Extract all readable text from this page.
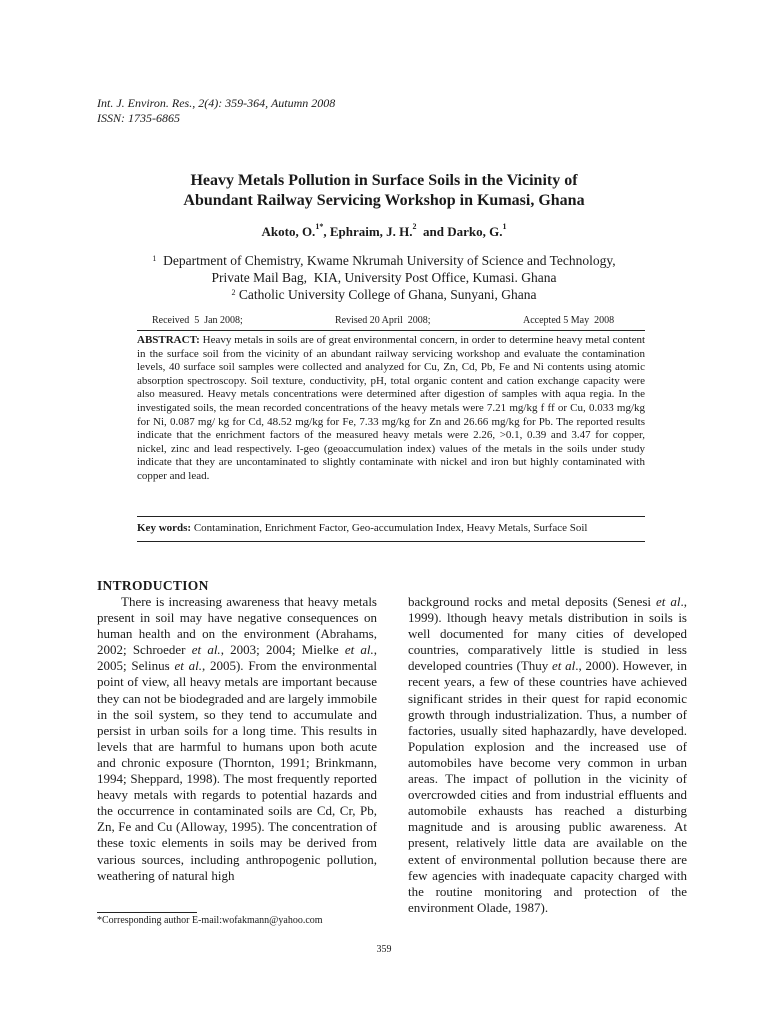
Int. J. Environ. Res., 2(4): 359-364, Autumn 2008
ISSN: 1735-6865
Heavy Metals Pollution in Surface Soils in the Vicinity of
Abundant Railway Servicing Workshop in Kumasi, Ghana
Akoto, O.$^{1*}$, Ephraim, J. H.$^2$  and Darko, G.$^1$
$^1$ Department of Chemistry, Kwame Nkrumah University of Science and Technology,
Private Mail Bag,  KIA, University Post Office, Kumasi. Ghana
$^2$ Catholic University College of Ghana, Sunyani, Ghana
Received  5  Jan 2008;	Revised 20 April  2008;	Accepted 5 May  2008
ABSTRACT: Heavy metals in soils are of great environmental concern, in order to determine heavy metal content in the surface soil from the vicinity of an abundant railway servicing workshop and evaluate the contamination levels, 40 surface soil samples were collected and analyzed for Cu, Zn, Cd, Pb, Fe and Ni contents using atomic absorption spectroscopy. Soil texture, conductivity, pH, total organic content and cation exchange capacity were also measured. Heavy metals concentrations were determined after digestion of samples with aqua regia. In the investigated soils, the mean recorded concentrations of the heavy metals were 7.21 mg/kg f ff or Cu, 0.033 mg/kg for Ni, 0.087 mg/ kg for Cd, 48.52 mg/kg for Fe, 7.33 mg/kg for Zn and 26.66 mg/kg for Pb. The reported results indicate that the enrichment factors of the measured heavy metals were 2.26, >0.1, 0.39 and 3.47 for copper, nickel, zinc and lead respectively. I-geo (geoaccumulation index) values of the metals in the soils under study indicate that they are uncontaminated to slightly contaminate with nickel and iron but highly contaminated with copper and lead.
Key words: Contamination, Enrichment Factor, Geo-accumulation Index, Heavy Metals, Surface Soil

INTRODUCTION

There is increasing awareness that heavy metals present in soil may have negative consequences on human health and on the environment (Abrahams, 2002; Schroeder et al., 2003; 2004; Mielke et al., 2005; Selinus et al., 2005). From the environmental point of view, all heavy metals are important because they can not be biodegraded and are largely immobile in the soil system, so they tend to accumulate and persist in urban soils for a long time. This results in levels that are harmful to humans upon both acute and chronic exposure (Thornton, 1991; Brinkmann, 1994; Sheppard, 1998). The most frequently reported heavy metals with regards to potential hazards and the occurrence in contaminated soils are Cd, Cr, Pb, Zn, Fe and Cu (Alloway, 1995). The concentration of these toxic elements in soils may be derived from various sources, including anthropogenic pollution, weathering of natural high

background rocks and metal deposits (Senesi et al., 1999). lthough heavy metals distribution in soils is well documented for many cities of developed countries, comparatively little is studied in less developed countries (Thuy et al., 2000). However, in recent years, a few of these countries have achieved significant strides in their quest for rapid economic growth through industrialization. Thus, a number of factories, usually sited haphazardly, have developed. Population explosion and the increased use of automobiles have become very common in urban areas. The impact of pollution in the vicinity of overcrowded cities and from industrial effluents and automobile exhausts has reached a disturbing magnitude and is arousing public awareness. At present, relatively little data are available on the extent of environmental pollution because there are few agencies with inadequate capacity charged with the routine monitoring and protection of the environment Olade, 1987).

*Corresponding author E-mail:wofakmann@yahoo.com
359
